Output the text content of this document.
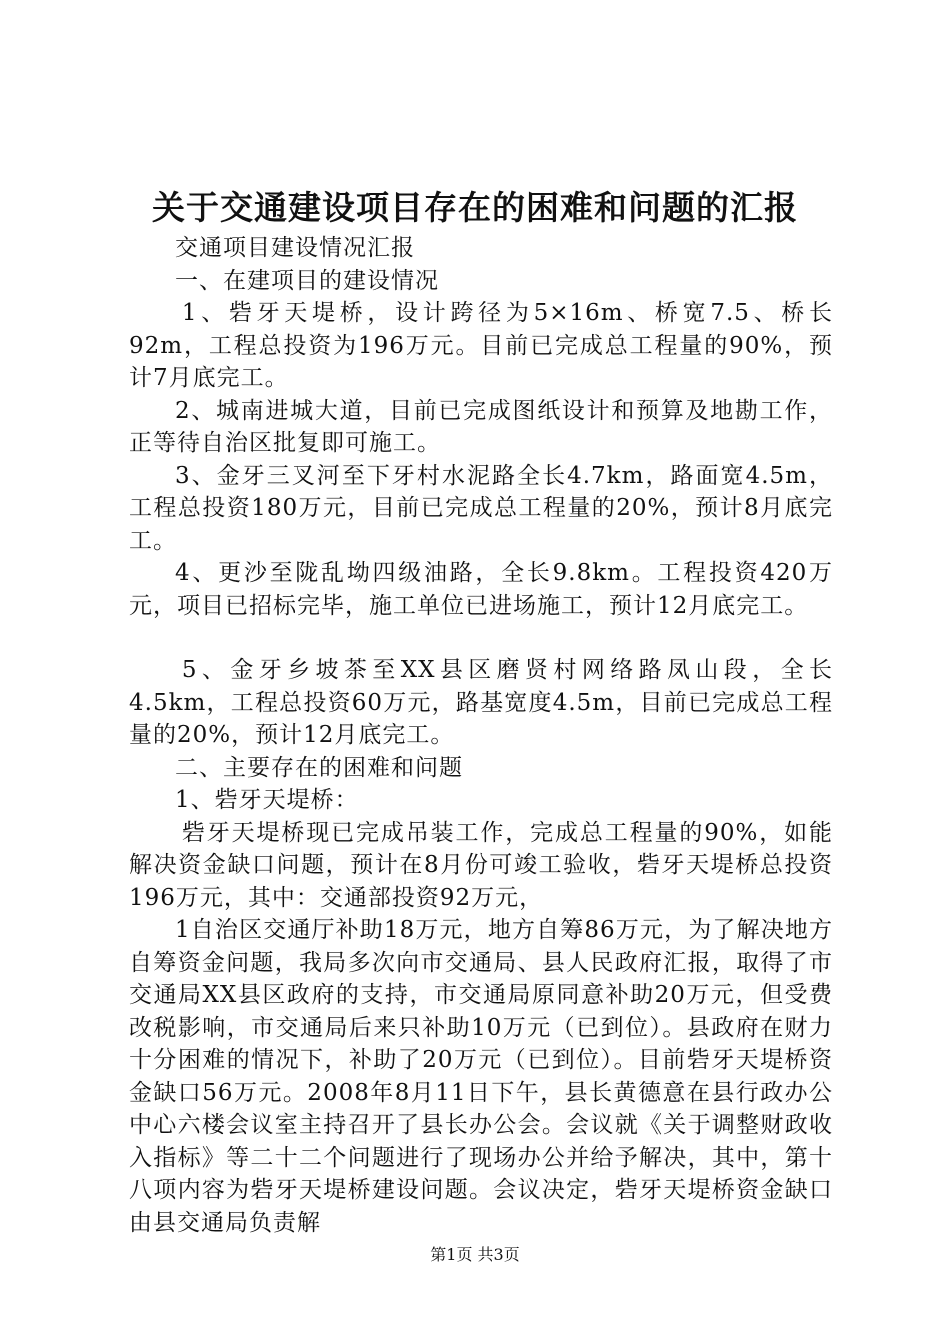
关于交通建设项目存在的困难和问题的汇报

交通项目建设情况汇报

一、在建项目的建设情况

1、砦牙天堤桥，设计跨径为5×16m、桥宽7.5、桥长92m，工程总投资为196万元。目前已完成总工程量的90%，预计7月底完工。

2、城南进城大道，目前已完成图纸设计和预算及地勘工作，正等待自治区批复即可施工。

3、金牙三叉河至下牙村水泥路全长4.7km，路面宽4.5m，工程总投资180万元，目前已完成总工程量的20%，预计8月底完工。

4、更沙至陇乱坳四级油路，全长9.8km。工程投资420万元，项目已招标完毕，施工单位已进场施工，预计12月底完工。

5、金牙乡坡茶至XX县区磨贤村网络路凤山段，全长4.5km，工程总投资60万元，路基宽度4.5m，目前已完成总工程量的20%，预计12月底完工。

二、主要存在的困难和问题

1、砦牙天堤桥：

砦牙天堤桥现已完成吊装工作，完成总工程量的90%，如能解决资金缺口问题，预计在8月份可竣工验收，砦牙天堤桥总投资196万元，其中：交通部投资92万元，

1自治区交通厅补助18万元，地方自筹86万元，为了解决地方自筹资金问题，我局多次向市交通局、县人民政府汇报，取得了市交通局XX县区政府的支持，市交通局原同意补助20万元，但受费改税影响，市交通局后来只补助10万元（已到位）。县政府在财力十分困难的情况下，补助了20万元（已到位）。目前砦牙天堤桥资金缺口56万元。2008年8月11日下午，县长黄德意在县行政办公中心六楼会议室主持召开了县长办公会。会议就《关于调整财政收入指标》等二十二个问题进行了现场办公并给予解决，其中，第十八项内容为砦牙天堤桥建设问题。会议决定，砦牙天堤桥资金缺口由县交通局负责解

第1页 共3页
